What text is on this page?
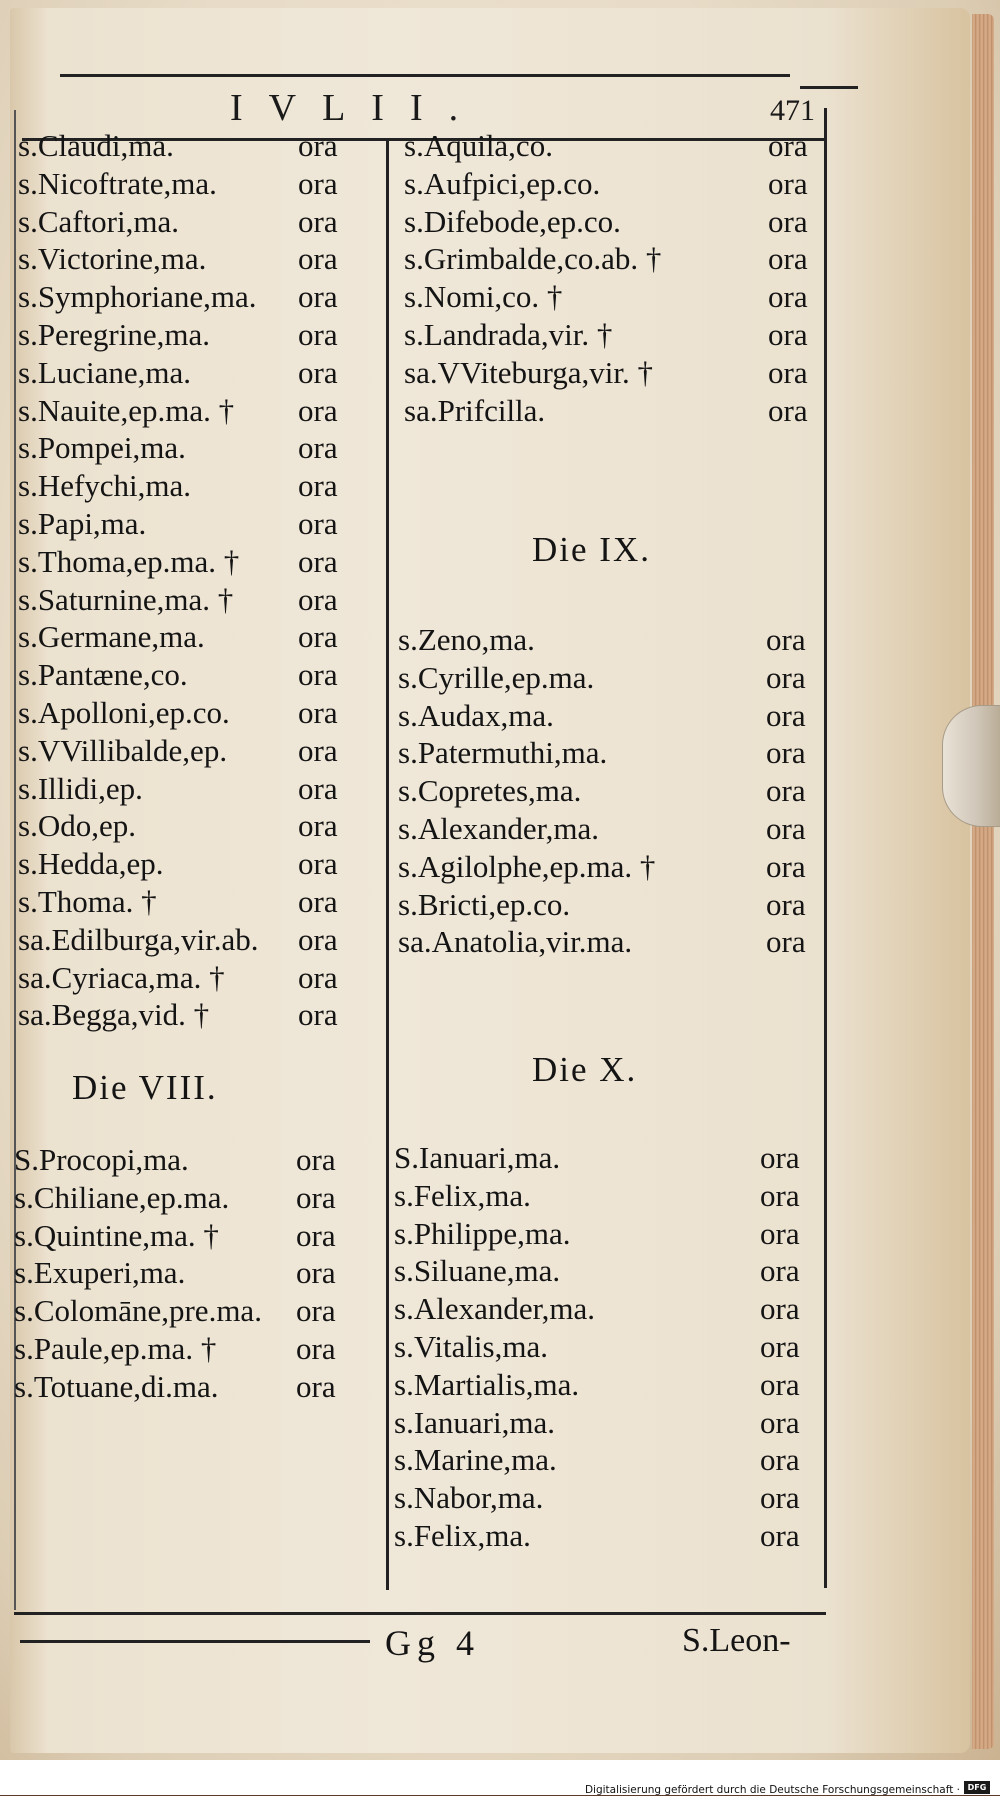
IVLII.	471
s.Claudi,ma.	ora
s.Nicoftrate,ma.	ora
s.Caftori,ma.	ora
s.Victorine,ma.	ora
s.Symphoriane,ma. ora
s.Peregrine,ma.	ora
s.Luciane,ma.	ora
s.Nauite,ep.ma. † ora
s.Pompei,ma.	ora
s.Hefychi,ma.	ora
s.Papi,ma.	ora
s.Thoma,ep.ma. † ora
s.Saturnine,ma. † ora
s.Germane,ma.	ora
s.Pantæne,co.	ora
s.Apolloni,ep.co. ora
s.VVillibalde,ep. ora
s.Illidi,ep.	ora
s.Odo,ep.	ora
s.Hedda,ep.	ora
s.Thoma. †	ora
sa.Edilburga,vir.ab. ora
sa.Cyriaca,ma. † ora
sa.Begga,vid. †	ora
Die VIII.
S.Procopi,ma.	ora
s.Chiliane,ep.ma. ora
s.Quintine,ma. † ora
s.Exuperi,ma.	ora
s.Colomāne,pre.ma. ora
s.Paule,ep.ma. †	ora
s.Totuane,di.ma.	ora
s.Aquila,co.	ora
s.Aufpici,ep.co.	ora
s.Difebode,ep.co.	ora
s.Grimbalde,co.ab. †	ora
s.Nomi,co. †	ora
s.Landrada,vir. †	ora
sa.VViteburga,vir. †	ora
sa.Prifcilla.	ora
Die IX.
s.Zeno,ma.	ora
s.Cyrille,ep.ma.	ora
s.Audax,ma.	ora
s.Patermuthi,ma.	ora
s.Copretes,ma.	ora
s.Alexander,ma.	ora
s.Agilolphe,ep.ma. †	ora
s.Bricti,ep.co.	ora
sa.Anatolia,vir.ma.	ora
Die X.
S.Ianuari,ma.	ora
s.Felix,ma.	ora
s.Philippe,ma.	ora
s.Siluane,ma.	ora
s.Alexander,ma.	ora
s.Vitalis,ma.	ora
s.Martialis,ma.	ora
s.Ianuari,ma.	ora
s.Marine,ma.	ora
s.Nabor,ma.	ora
s.Felix,ma.	ora
Gg 4	S.Leon-
Digitalisierung gefördert durch die Deutsche Forschungsgemeinschaft · DFG
